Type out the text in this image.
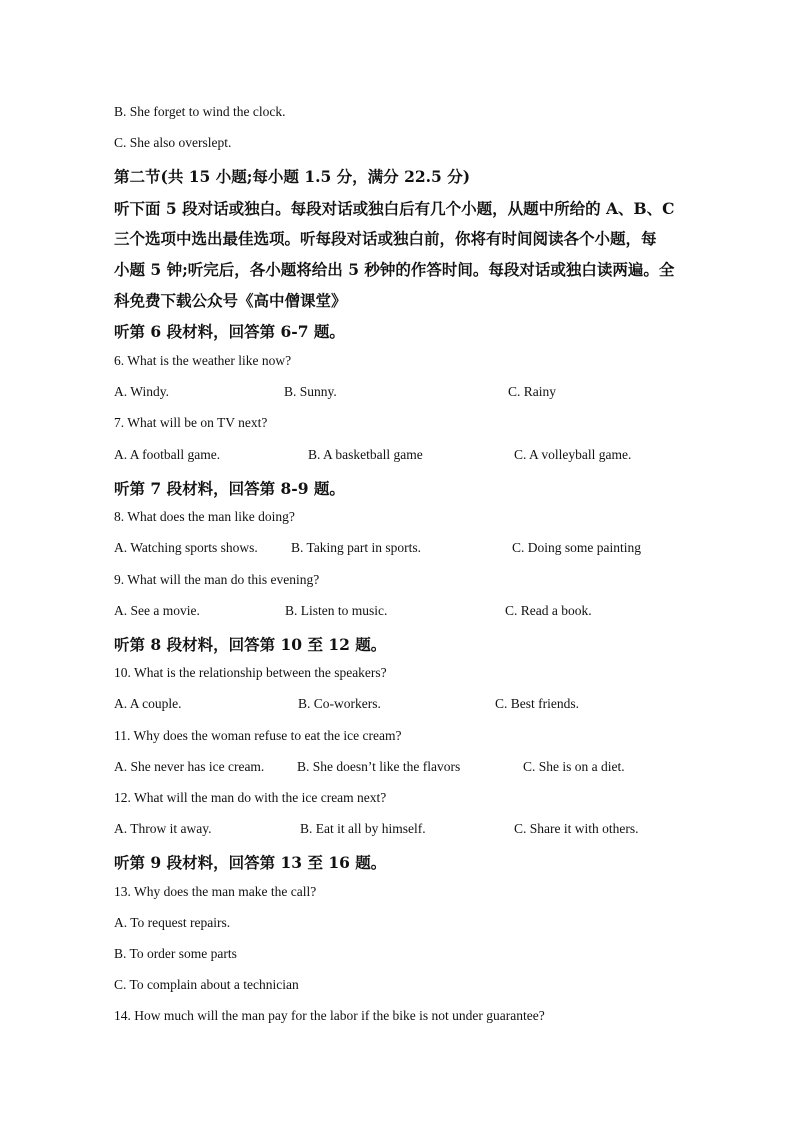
B. She forget to wind the clock.
C. She also overslept.
第二节(共 15 小题;每小题 1.5 分，满分 22.5 分)
听下面 5 段对话或独白。每段对话或独白后有几个小题，从题中所给的 A、B、C
三个选项中选出最佳选项。听每段对话或独白前，你将有时间阅读各个小题，每
小题 5 钟;听完后，各小题将给出 5 秒钟的作答时间。每段对话或独白读两遍。全
科免费下载公众号《高中僧课堂》
听第 6 段材料，回答第 6-7 题。
6. What is the weather like now?
A. Windy.	B. Sunny.	C. Rainy
7. What will be on TV next?
A. A football game.	B. A basketball game	C. A volleyball game.
听第 7 段材料，回答第 8-9 题。
8. What does the man like doing?
A. Watching sports shows. B. Taking part in sports.	C. Doing some painting
9. What will the man do this evening?
A. See a movie.	B. Listen to music.	C. Read a book.
听第 8 段材料，回答第 10 至 12 题。
10. What is the relationship between the speakers?
A. A couple.	B. Co-workers.	C. Best friends.
11. Why does the woman refuse to eat the ice cream?
A. She never has ice cream. B. She doesn’t like the flavors	C. She is on a diet.
12. What will the man do with the ice cream next?
A. Throw it away.	B. Eat it all by himself.	C. Share it with others.
听第 9 段材料，回答第 13 至 16 题。
13. Why does the man make the call?
A. To request repairs.
B. To order some parts
C. To complain about a technician
14. How much will the man pay for the labor if the bike is not under guarantee?
